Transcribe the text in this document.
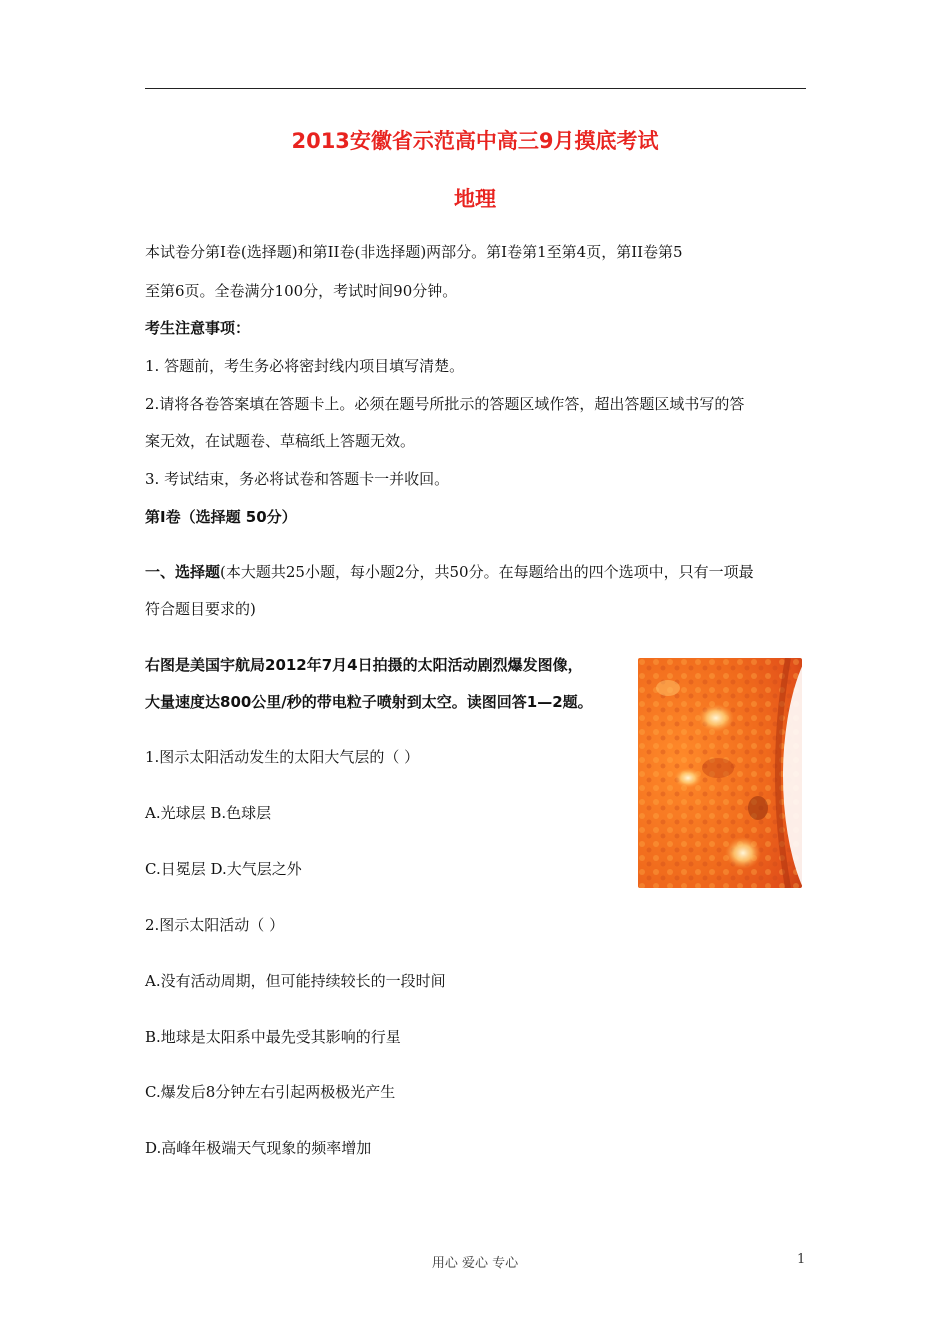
2013安徽省示范高中高三9月摸底考试
地理
本试卷分第Ⅰ卷(选择题)和第II卷(非选择题)两部分。第Ⅰ卷第1至第4页，第II卷第5
至第6页。全卷满分100分，考试时间90分钟。
考生注意事项：
1. 答题前，考生务必将密封线内项目填写清楚。
2.请将各卷答案填在答题卡上。必须在题号所批示的答题区域作答，超出答题区域书写的答
案无效，在试题卷、草稿纸上答题无效。
3. 考试结束，务必将试卷和答题卡一并收回。
第Ⅰ卷（选择题 50分）
一、选择题(本大题共25小题，每小题2分，共50分。在每题给出的四个选项中，只有一项最
符合题目要求的)
右图是美国宇航局2012年7月4日拍摄的太阳活动剧烈爆发图像，
大量速度达800公里/秒的带电粒子喷射到太空。读图回答1—2题。
1.图示太阳活动发生的太阳大气层的（ ）
A.光球层 B.色球层
C.日冕层 D.大气层之外
2.图示太阳活动（ ）
A.没有活动周期，但可能持续较长的一段时间
B.地球是太阳系中最先受其影响的行星
C.爆发后8分钟左右引起两极极光产生
D.高峰年极端天气现象的频率增加
用心 爱心 专心	1
